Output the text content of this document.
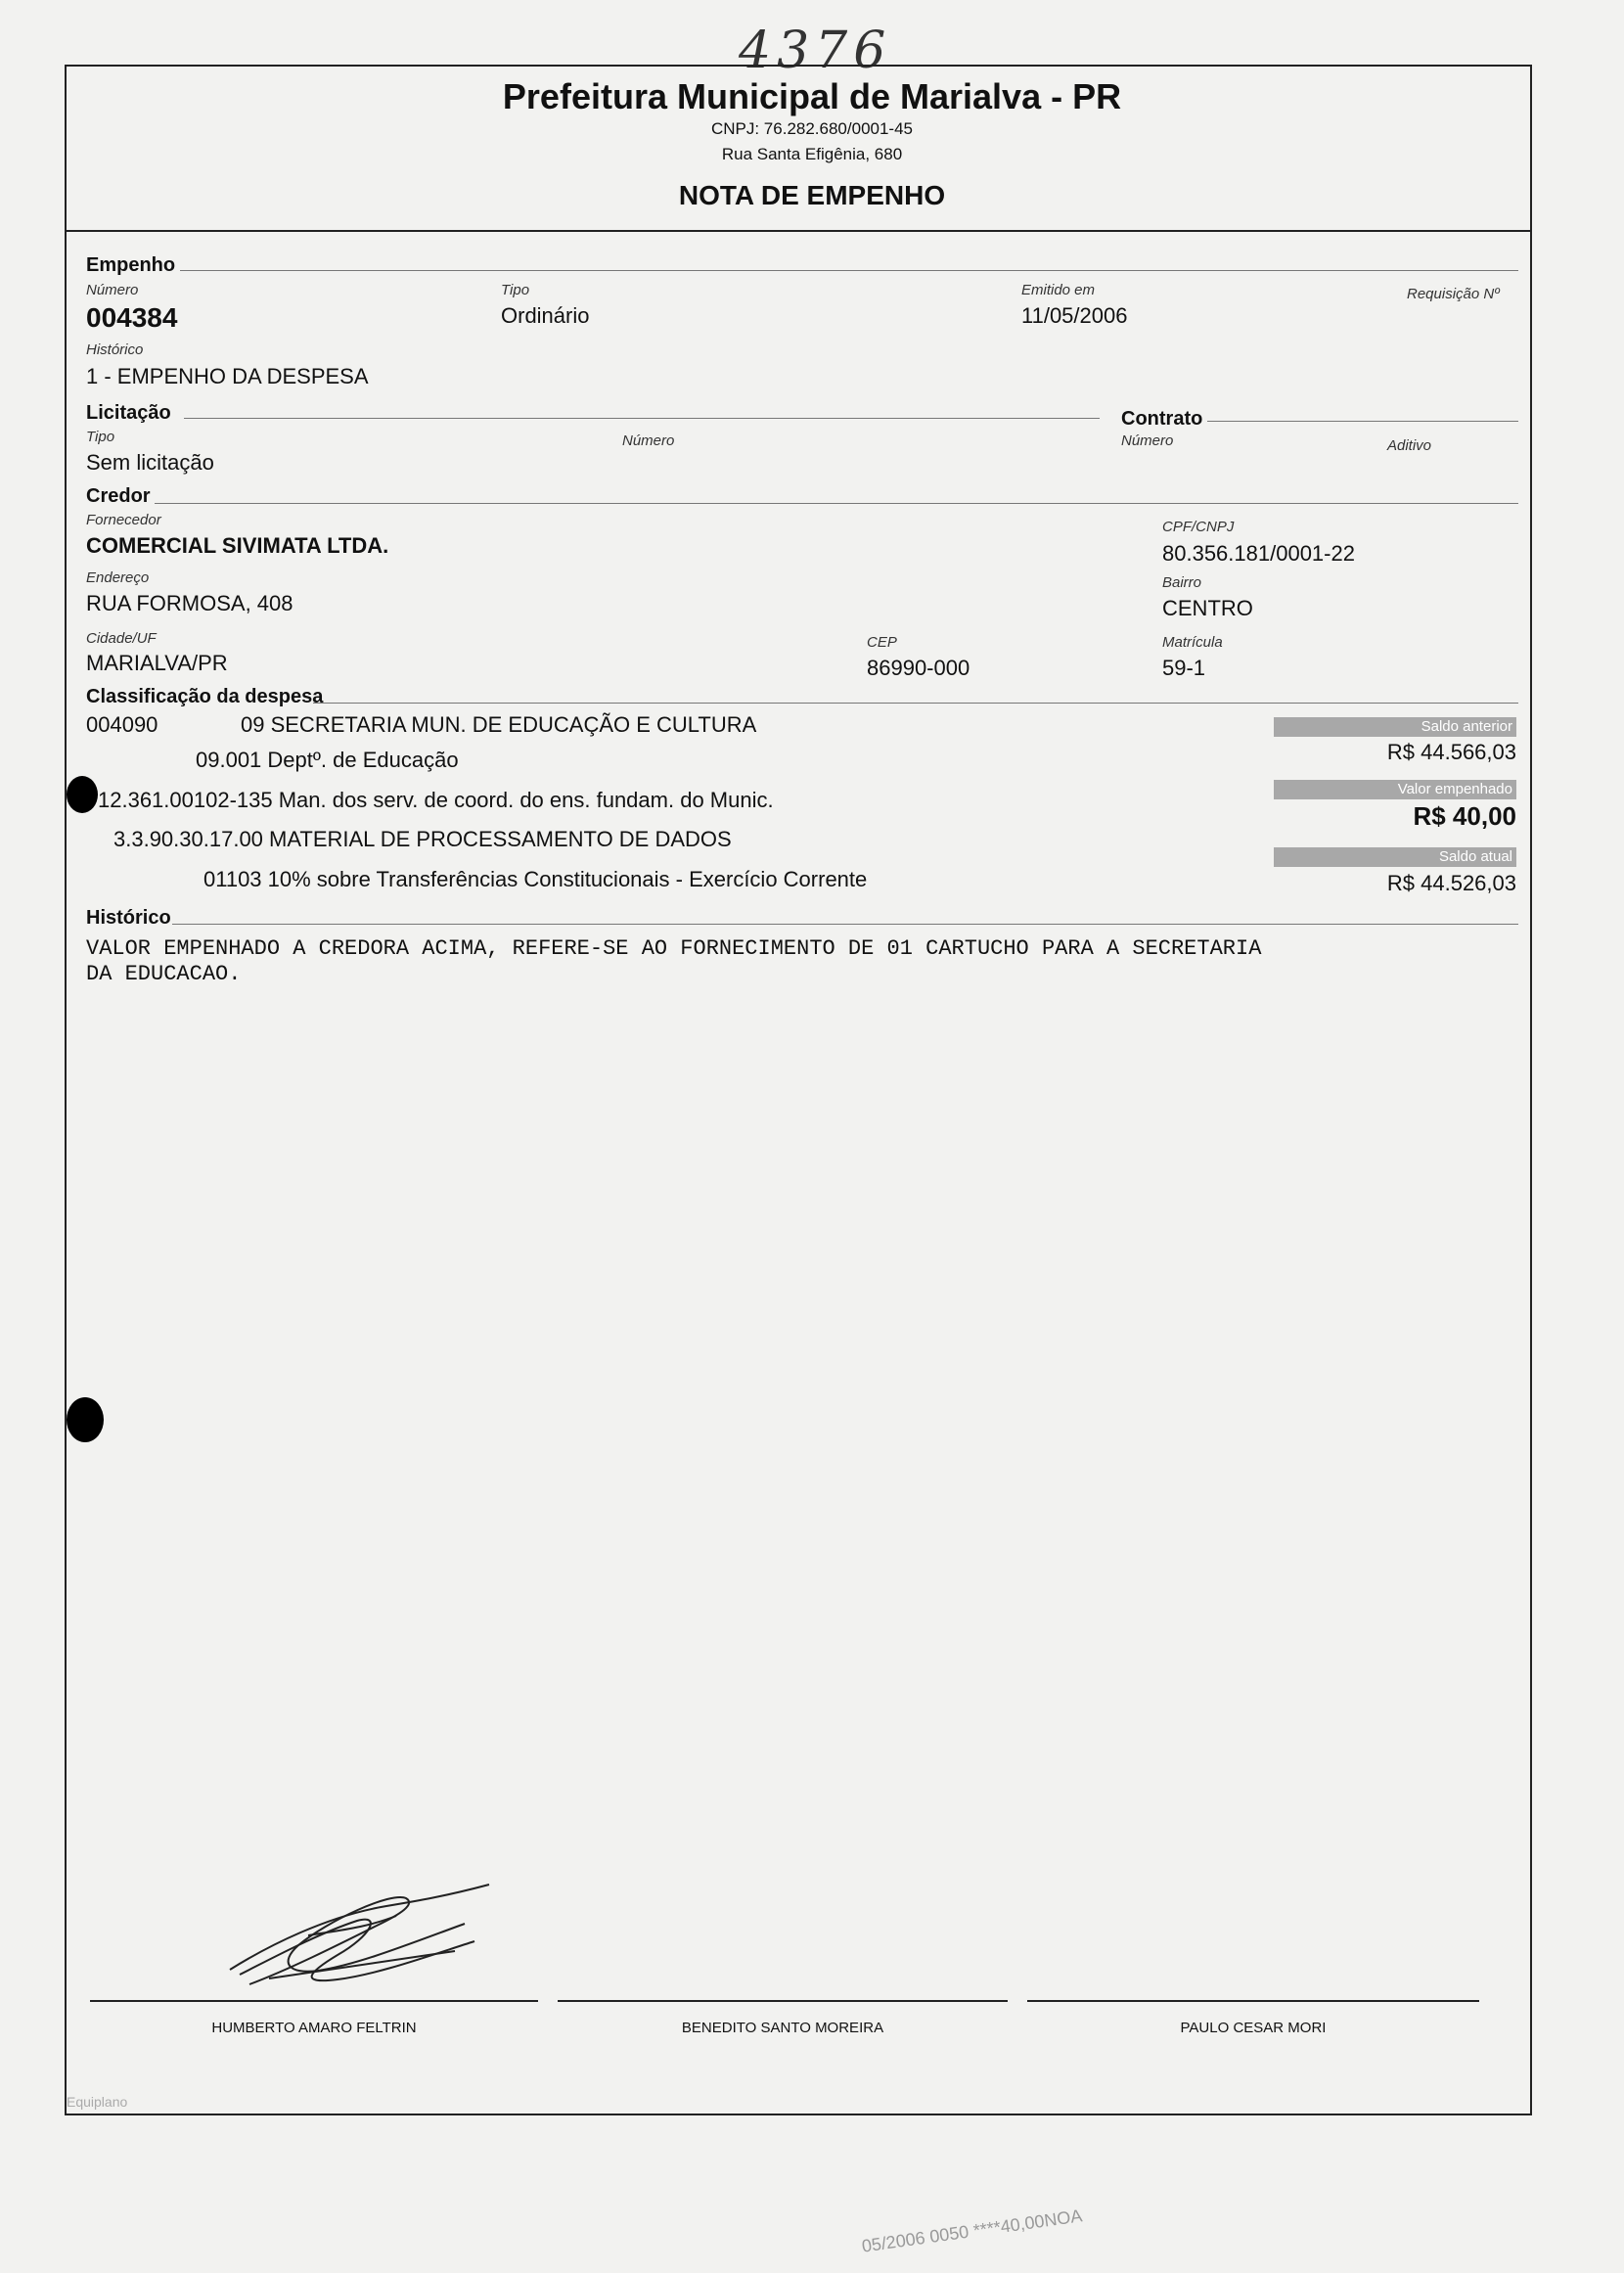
4376
Prefeitura Municipal de Marialva - PR
CNPJ: 76.282.680/0001-45
Rua Santa Efigênia, 680
NOTA DE EMPENHO
Empenho
Número
004384
Tipo
Ordinário
Emitido em
11/05/2006
Requisição Nº
Histórico
1 - EMPENHO DA DESPESA
Licitação	Contrato
Tipo
Sem licitação
Número	Número	Aditivo
Credor
Fornecedor
COMERCIAL SIVIMATA LTDA.
CPF/CNPJ
80.356.181/0001-22
Endereço
RUA FORMOSA, 408
Bairro
CENTRO
Cidade/UF
MARIALVA/PR
CEP
86990-000
Matrícula
59-1
Classificação da despesa
004090	09 SECRETARIA MUN. DE EDUCAÇÃO E CULTURA
09.001 Deptº. de Educação
12.361.00102-135 Man. dos serv. de coord. do ens. fundam. do Munic.
3.3.90.30.17.00 MATERIAL DE PROCESSAMENTO DE DADOS
01103 10% sobre Transferências Constitucionais - Exercício Corrente
Saldo anterior
R$ 44.566,03
Valor empenhado
R$ 40,00
Saldo atual
R$ 44.526,03
Histórico
VALOR EMPENHADO A CREDORA ACIMA, REFERE-SE AO FORNECIMENTO DE 01 CARTUCHO PARA A SECRETARIA
DA EDUCACAO.
HUMBERTO AMARO FELTRIN	BENEDITO SANTO MOREIRA	PAULO CESAR MORI
Equiplano
05/2006 0050 ****40,00NOA
